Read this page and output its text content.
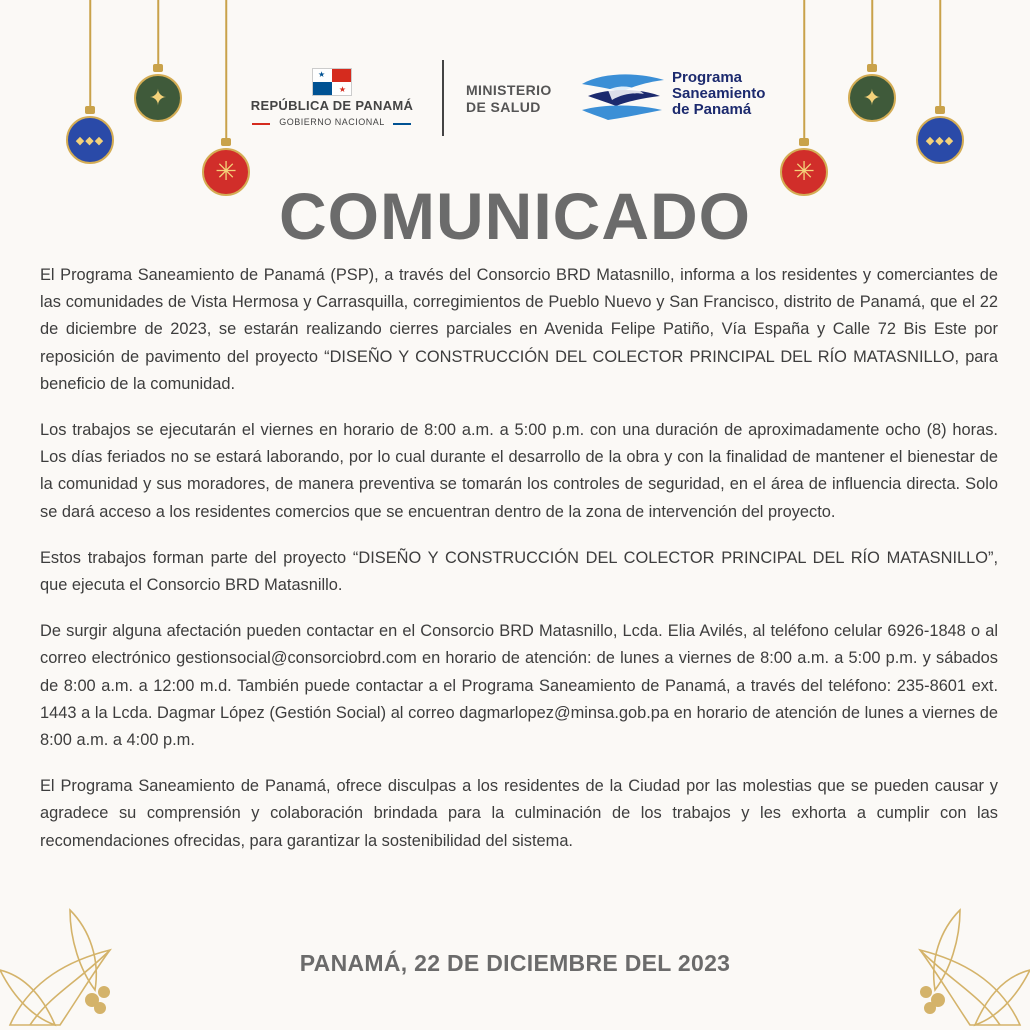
◆◆◆
✦
✳	✳
✦
◆◆◆
★
★
REPÚBLICA DE PANAMÁ
GOBIERNO NACIONAL
MINISTERIO
DE SALUD
Programa
Saneamiento
de Panamá
COMUNICADO

El Programa Saneamiento de Panamá (PSP), a través del Consorcio BRD Matasnillo, informa a los residentes y comerciantes de las comunidades de Vista Hermosa y Carrasquilla, corregimientos de Pueblo Nuevo y San Francisco, distrito de Panamá, que el 22 de diciembre de 2023, se estarán realizando cierres parciales en Avenida Felipe Patiño, Vía España y Calle 72 Bis Este por reposición de pavimento del proyecto “DISEÑO Y CONSTRUCCIÓN DEL COLECTOR PRINCIPAL DEL RÍO MATASNILLO, para beneficio de la comunidad.

Los trabajos se ejecutarán el viernes en horario de 8:00 a.m. a 5:00 p.m. con una duración de aproximadamente ocho (8) horas. Los días feriados no se estará laborando, por lo cual durante el desarrollo de la obra y con la finalidad de mantener el bienestar de la comunidad y sus moradores, de manera preventiva se tomarán los controles de seguridad, en el área de influencia directa. Solo se dará acceso a los residentes comercios que se encuentran dentro de la zona de intervención del proyecto.

Estos trabajos forman parte del proyecto “DISEÑO Y CONSTRUCCIÓN DEL COLECTOR PRINCIPAL DEL RÍO MATASNILLO”, que ejecuta el Consorcio BRD Matasnillo.

De surgir alguna afectación pueden contactar en el Consorcio BRD Matasnillo, Lcda. Elia Avilés, al teléfono celular 6926-1848 o al correo electrónico gestionsocial@consorciobrd.com en horario de atención: de lunes a viernes de 8:00 a.m. a 5:00 p.m. y sábados de 8:00 a.m. a 12:00 m.d. También puede contactar a el Programa Saneamiento de Panamá, a través del teléfono: 235-8601 ext. 1443 a la Lcda. Dagmar López (Gestión Social) al correo dagmarlopez@minsa.gob.pa en horario de atención de lunes a viernes de 8:00 a.m. a 4:00 p.m.

El Programa Saneamiento de Panamá, ofrece disculpas a los residentes de la Ciudad por las molestias que se pueden causar y agradece su comprensión y colaboración brindada para la culminación de los trabajos y les exhorta a cumplir con las recomendaciones ofrecidas, para garantizar la sostenibilidad del sistema.

PANAMÁ, 22 DE DICIEMBRE DEL 2023
